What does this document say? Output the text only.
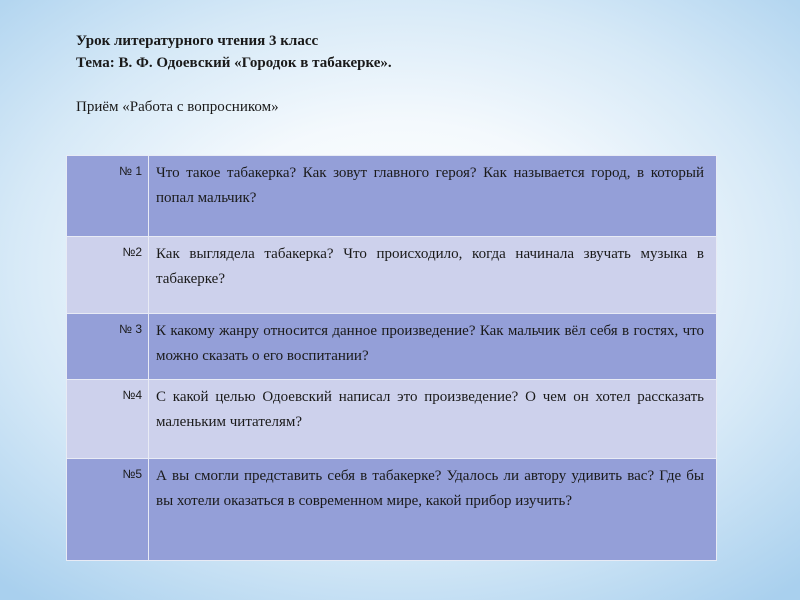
Урок литературного чтения 3 класс
Тема: В. Ф. Одоевский «Городок в табакерке».
Приём «Работа с вопросником»
№ 1	Что такое табакерка? Как зовут главного героя? Как называется город, в который попал мальчик?
№2	Как выглядела табакерка? Что происходило, когда начинала звучать музыка в табакерке?
№ 3	К какому жанру относится данное произведение? Как мальчик вёл себя в гостях, что можно сказать о его воспитании?
№4	С какой целью Одоевский написал это произведение? О чем он хотел рассказать маленьким читателям?
№5	А вы смогли представить себя в табакерке? Удалось ли автору удивить вас? Где бы вы хотели оказаться в современном мире, какой прибор изучить?
